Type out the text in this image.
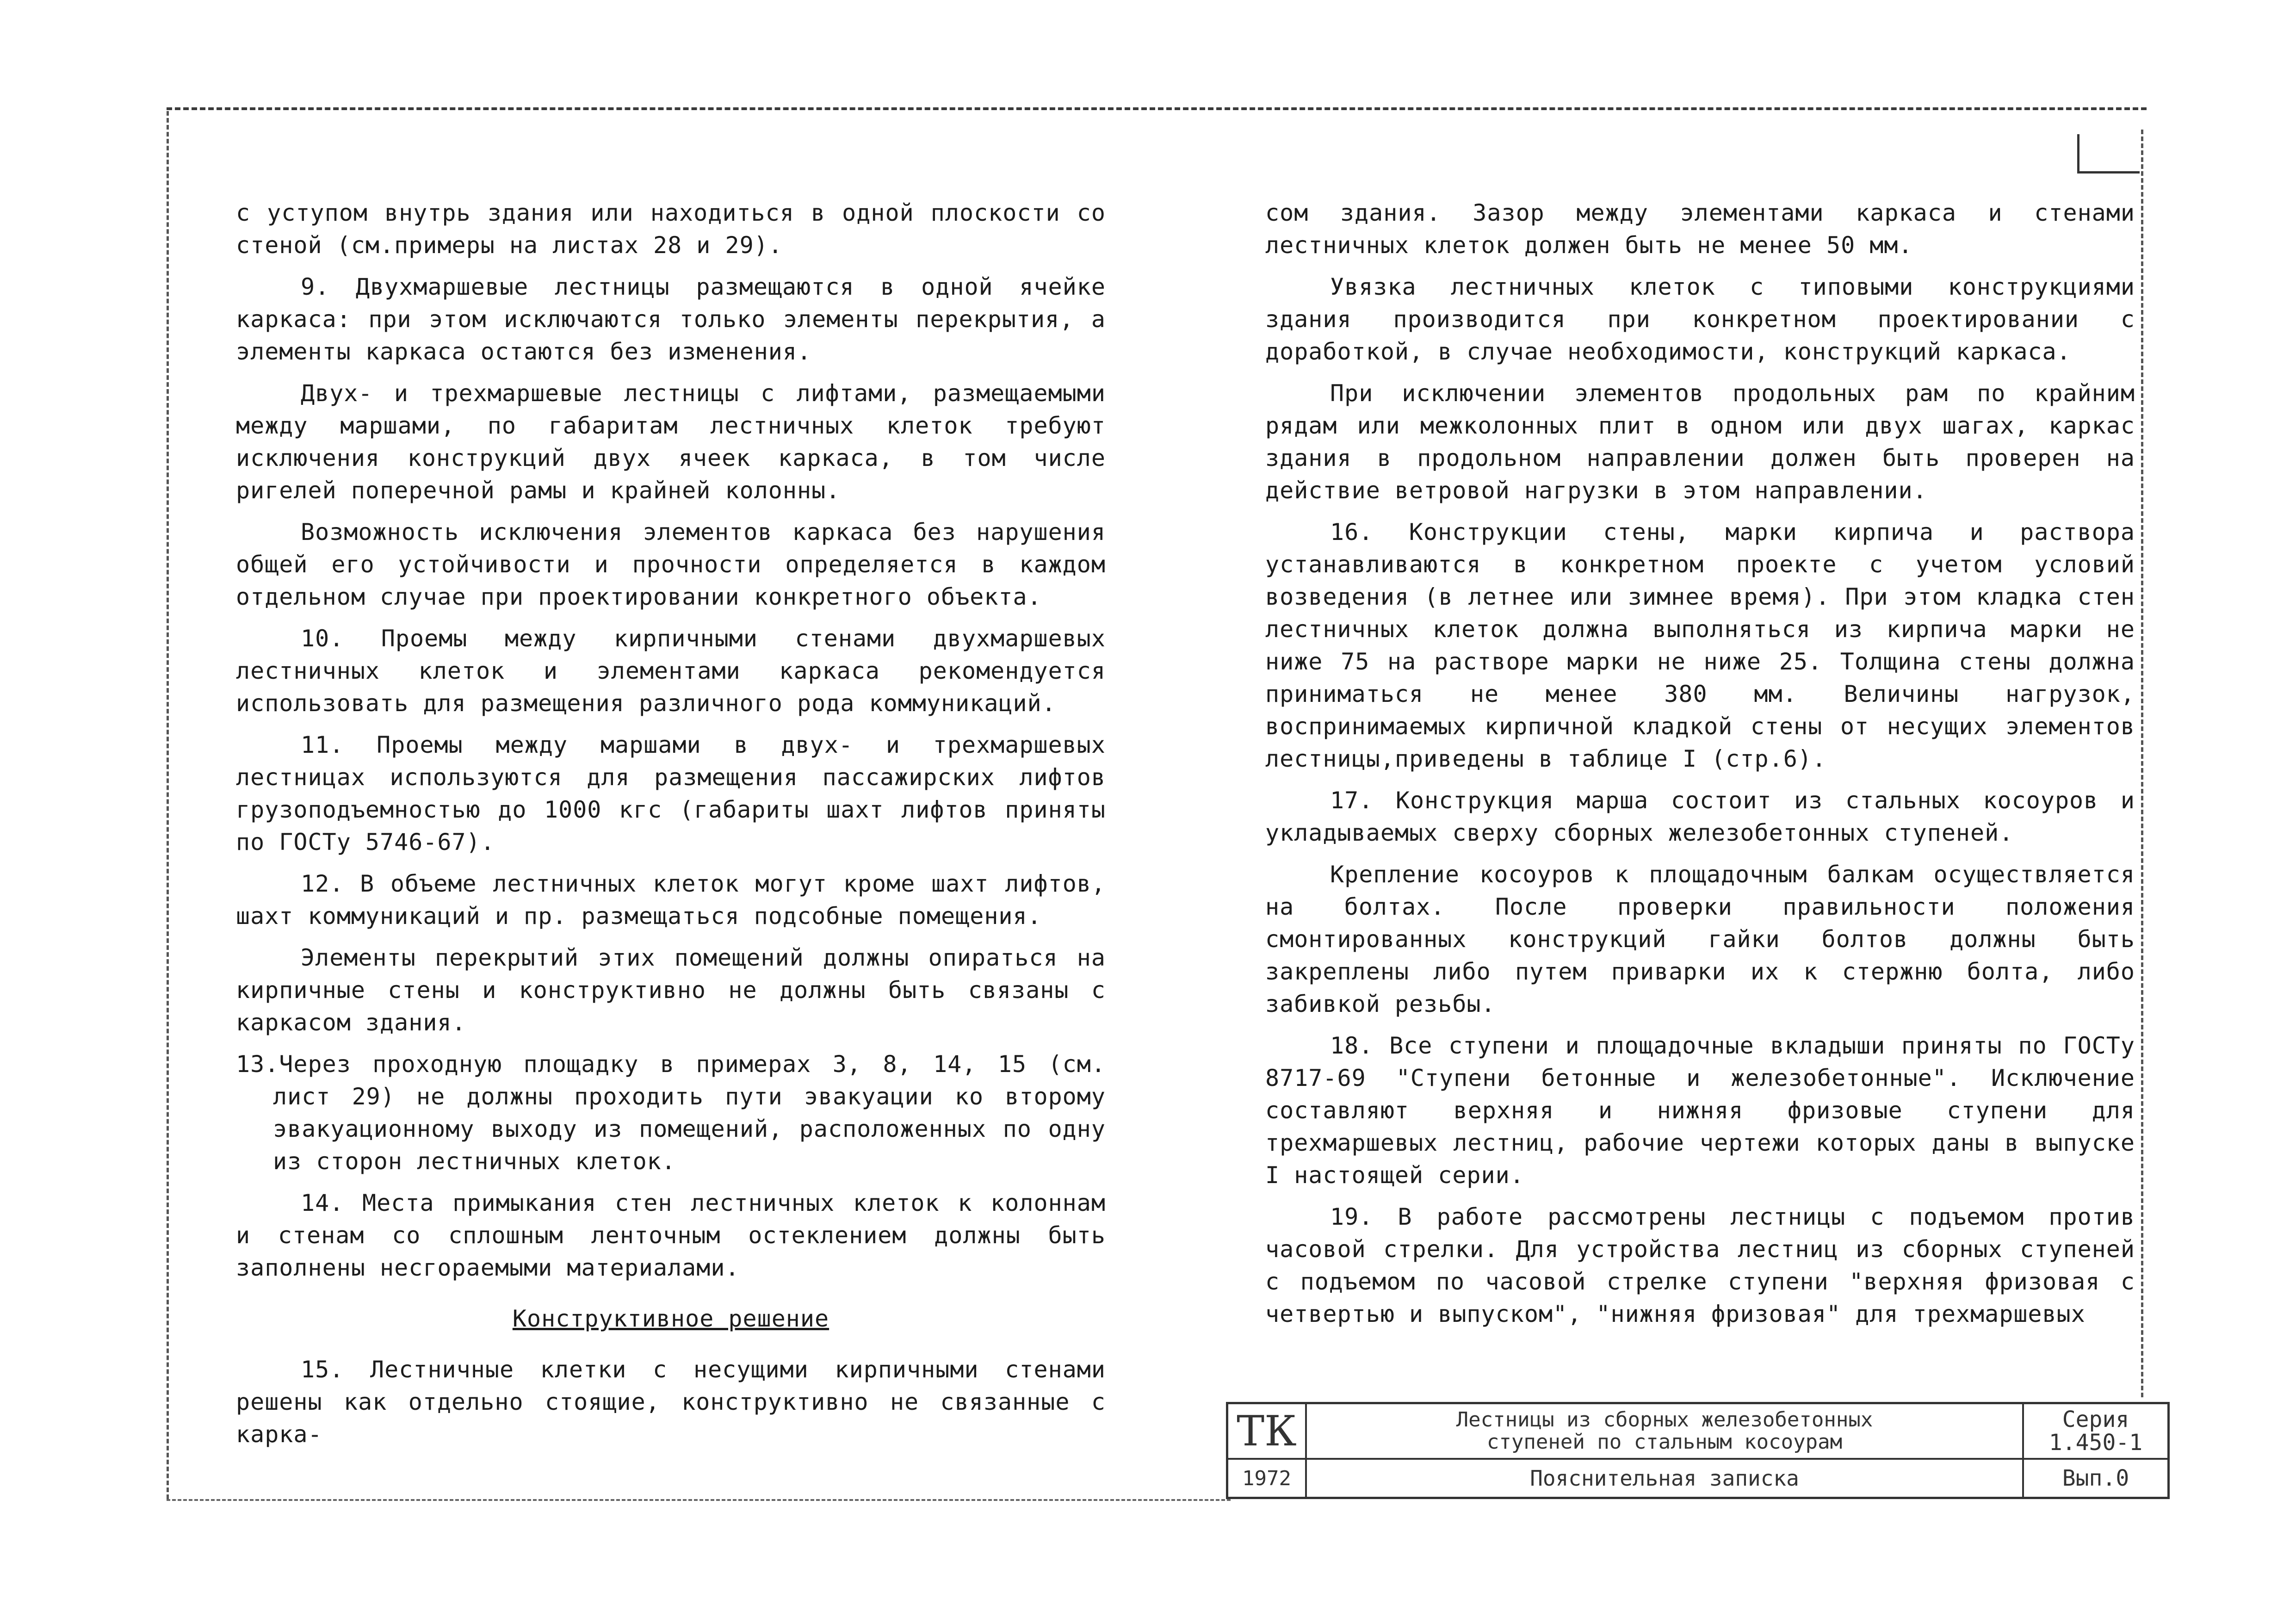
с уступом внутрь здания или находиться в одной плоскости со стеной (см.примеры на листах 28 и 29).

9. Двухмаршевые лестницы размещаются в одной ячейке каркаса: при этом исключаются только элементы перекрытия, а элементы каркаса остаются без изменения.

Двух- и трехмаршевые лестницы с лифтами, размещаемыми между маршами, по габаритам лестничных клеток требуют исключения конструкций двух ячеек каркаса, в том числе ригелей поперечной рамы и крайней колонны.

Возможность исключения элементов каркаса без нарушения общей его устойчивости и прочности определяется в каждом отдельном случае при проектировании конкретного объекта.

10. Проемы между кирпичными стенами двухмаршевых лестничных клеток и элементами каркаса рекомендуется использовать для размещения различного рода коммуникаций.

11. Проемы между маршами в двух- и трехмаршевых лестницах используются для размещения пассажирских лифтов грузоподъемностью до 1000 кгс (габариты шахт лифтов приняты по ГОСТу 5746-67).

12. В объеме лестничных клеток могут кроме шахт лифтов, шахт коммуникаций и пр. размещаться подсобные помещения.

Элементы перекрытий этих помещений должны опираться на кирпичные стены и конструктивно не должны быть связаны с каркасом здания.

13.Через проходную площадку в примерах 3, 8, 14, 15 (см. лист 29) не должны проходить пути эвакуации ко второму эвакуационному выходу из помещений, расположенных по одну из сторон лестничных клеток.

14. Места примыкания стен лестничных клеток к колоннам и стенам со сплошным ленточным остеклением должны быть заполнены несгораемыми материалами.

Конструктивное решение

15. Лестничные клетки с несущими кирпичными стенами решены как отдельно стоящие, конструктивно не связанные с карка-

сом здания. Зазор между элементами каркаса и стенами лестничных клеток должен быть не менее 50 мм.

Увязка лестничных клеток с типовыми конструкциями здания производится при конкретном проектировании с доработкой, в случае необходимости, конструкций каркаса.

При исключении элементов продольных рам по крайним рядам или межколонных плит в одном или двух шагах, каркас здания в продольном направлении должен быть проверен на действие ветровой нагрузки в этом направлении.

16. Конструкции стены, марки кирпича и раствора устанавливаются в конкретном проекте с учетом условий возведения (в летнее или зимнее время). При этом кладка стен лестничных клеток должна выполняться из кирпича марки не ниже 75 на растворе марки не ниже 25. Толщина стены должна приниматься не менее 380 мм. Величины нагрузок, воспринимаемых кирпичной кладкой стены от несущих элементов лестницы,приведены в таблице I (стр.6).

17. Конструкция марша состоит из стальных косоуров и укладываемых сверху сборных железобетонных ступеней.

Крепление косоуров к площадочным балкам осуществляется на болтах. После проверки правильности положения смонтированных конструкций гайки болтов должны быть закреплены либо путем приварки их к стержню болта, либо забивкой резьбы.

18. Все ступени и площадочные вкладыши приняты по ГОСТу 8717-69 "Ступени бетонные и железобетонные". Исключение составляют верхняя и нижняя фризовые ступени для трехмаршевых лестниц, рабочие чертежи которых даны в выпуске I настоящей серии.

19. В работе рассмотрены лестницы с подъемом против часовой стрелки. Для устройства лестниц из сборных ступеней с подъемом по часовой стрелке ступени "верхняя фризовая с четвертью и выпуском", "нижняя фризовая" для трехмаршевых

ТК
1972
Лестницы из сборных железобетонных
ступеней по стальным косоурам
Пояснительная записка
Серия
1.450-1
Вып.0
